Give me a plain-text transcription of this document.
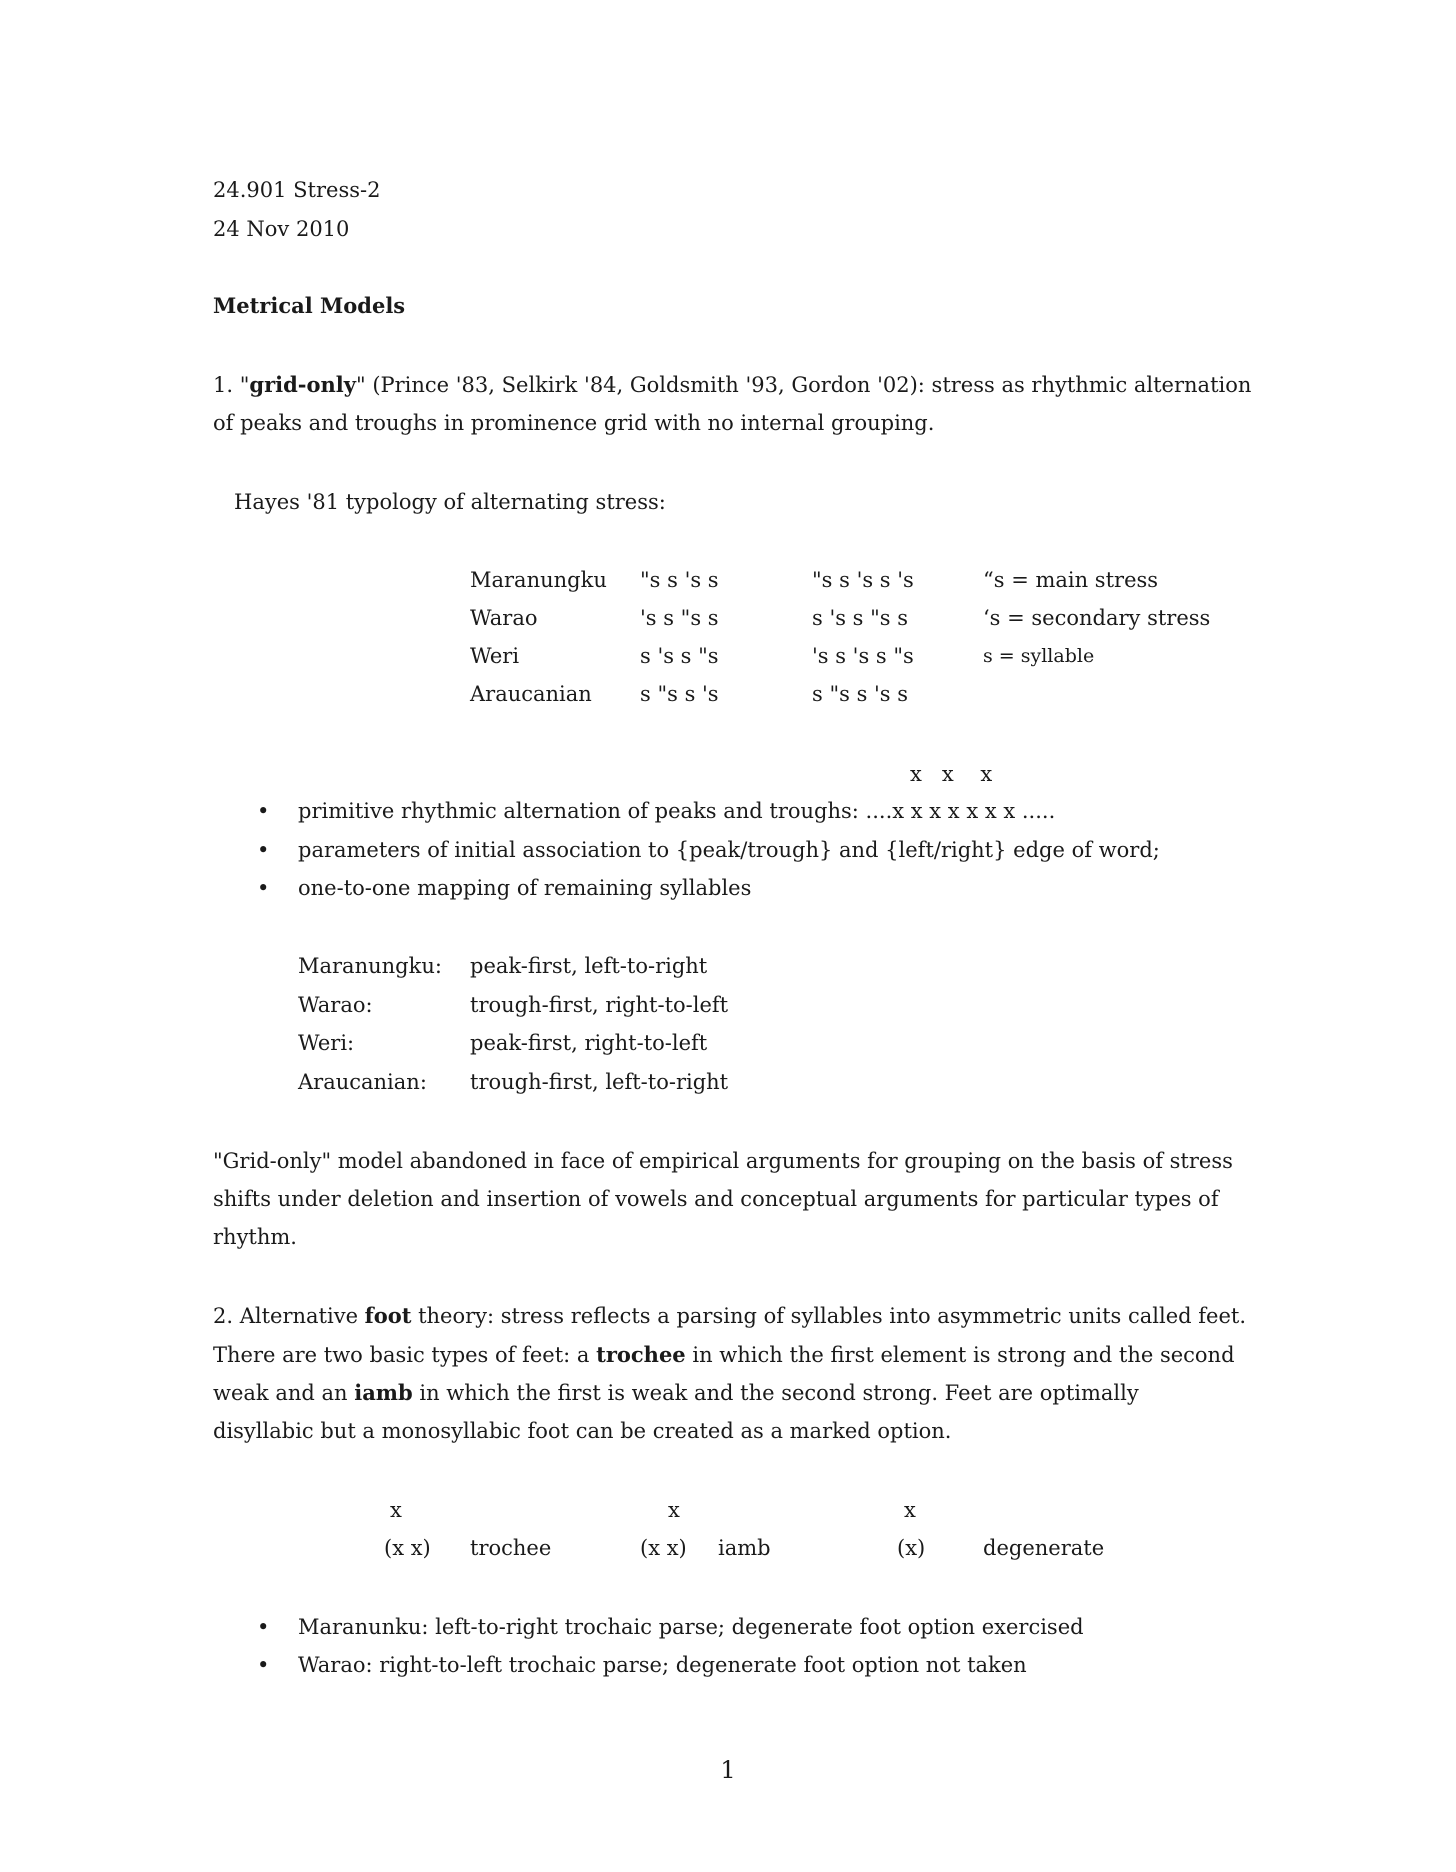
24.901 Stress-2
24 Nov 2010
Metrical Models
1. "grid-only" (Prince '83, Selkirk '84, Goldsmith '93, Gordon '02): stress as rhythmic alternation
of peaks and troughs in prominence grid with no internal grouping.
Hayes '81 typology of alternating stress:
Maranungku "s s 's s	"s s 's s 's	“s = main stress
Warao	's s "s s	s 's s "s s	‘s = secondary stress
Weri	s 's s "s	's s 's s "s	s = syllable
Araucanian s "s s 's	s "s s 's s
x   x    x
• primitive rhythmic alternation of peaks and troughs: ....x x x x x x x .....
• parameters of initial association to {peak/trough} and {left/right} edge of word;
• one-to-one mapping of remaining syllables
Maranungku: peak-first, left-to-right
Warao:	trough-first, right-to-left
Weri:	peak-first, right-to-left
Araucanian: trough-first, left-to-right
"Grid-only" model abandoned in face of empirical arguments for grouping on the basis of stress
shifts under deletion and insertion of vowels and conceptual arguments for particular types of
rhythm.
2. Alternative foot theory: stress reflects a parsing of syllables into asymmetric units called feet.
There are two basic types of feet: a trochee in which the first element is strong and the second
weak and an iamb in which the first is weak and the second strong. Feet are optimally
disyllabic but a monosyllabic foot can be created as a marked option.
x
(x x) trochee
x
(x x) iamb
x
(x)	degenerate
• Maranunku: left-to-right trochaic parse; degenerate foot option exercised
• Warao: right-to-left trochaic parse; degenerate foot option not taken
1
